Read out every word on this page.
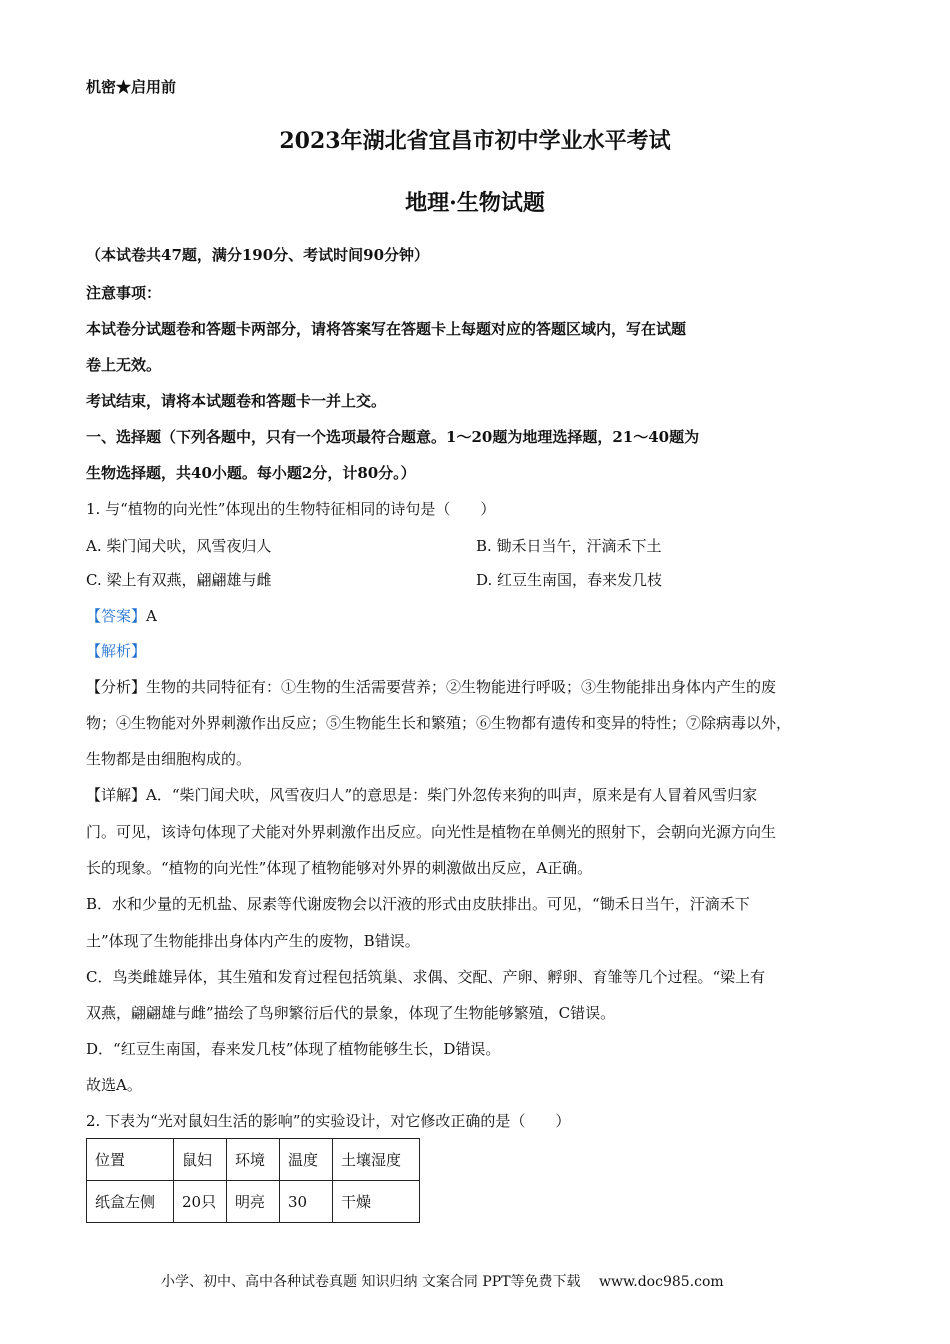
机密★启用前
2023年湖北省宜昌市初中学业水平考试
地理·生物试题
（本试卷共47题，满分190分、考试时间90分钟）
注意事项：
本试卷分试题卷和答题卡两部分，请将答案写在答题卡上每题对应的答题区域内，写在试题
卷上无效。
考试结束，请将本试题卷和答题卡一并上交。
一、选择题（下列各题中，只有一个选项最符合题意。1～20题为地理选择题，21～40题为
生物选择题，共40小题。每小题2分，计80分。）
1. 与“植物的向光性”体现出的生物特征相同的诗句是（　　）
A. 柴门闻犬吠，风雪夜归人	B. 锄禾日当午，汗滴禾下土
C. 梁上有双燕，翩翩雄与雌	D. 红豆生南国，春来发几枝
【答案】A
【解析】
【分析】生物的共同特征有：①生物的生活需要营养；②生物能进行呼吸；③生物能排出身体内产生的废
物；④生物能对外界刺激作出反应；⑤生物能生长和繁殖；⑥生物都有遗传和变异的特性；⑦除病毒以外，
生物都是由细胞构成的。
【详解】A．“柴门闻犬吠，风雪夜归人”的意思是：柴门外忽传来狗的叫声，原来是有人冒着风雪归家
门。可见，该诗句体现了犬能对外界刺激作出反应。向光性是植物在单侧光的照射下，会朝向光源方向生
长的现象。“植物的向光性”体现了植物能够对外界的刺激做出反应，A正确。
B．水和少量的无机盐、尿素等代谢废物会以汗液的形式由皮肤排出。可见，“锄禾日当午，汗滴禾下
土”体现了生物能排出身体内产生的废物，B错误。
C．鸟类雌雄异体，其生殖和发育过程包括筑巢、求偶、交配、产卵、孵卵、育雏等几个过程。“梁上有
双燕，翩翩雄与雌”描绘了鸟卵繁衍后代的景象，体现了生物能够繁殖，C错误。
D．“红豆生南国，春来发几枝”体现了植物能够生长，D错误。
故选A。
2. 下表为“光对鼠妇生活的影响”的实验设计，对它修改正确的是（　　）
位置	鼠妇	环境	温度	土壤湿度
纸盒左侧	20只	明亮	30	干燥
小学、初中、高中各种试卷真题 知识归纳 文案合同 PPT等免费下载 www.doc985.com
